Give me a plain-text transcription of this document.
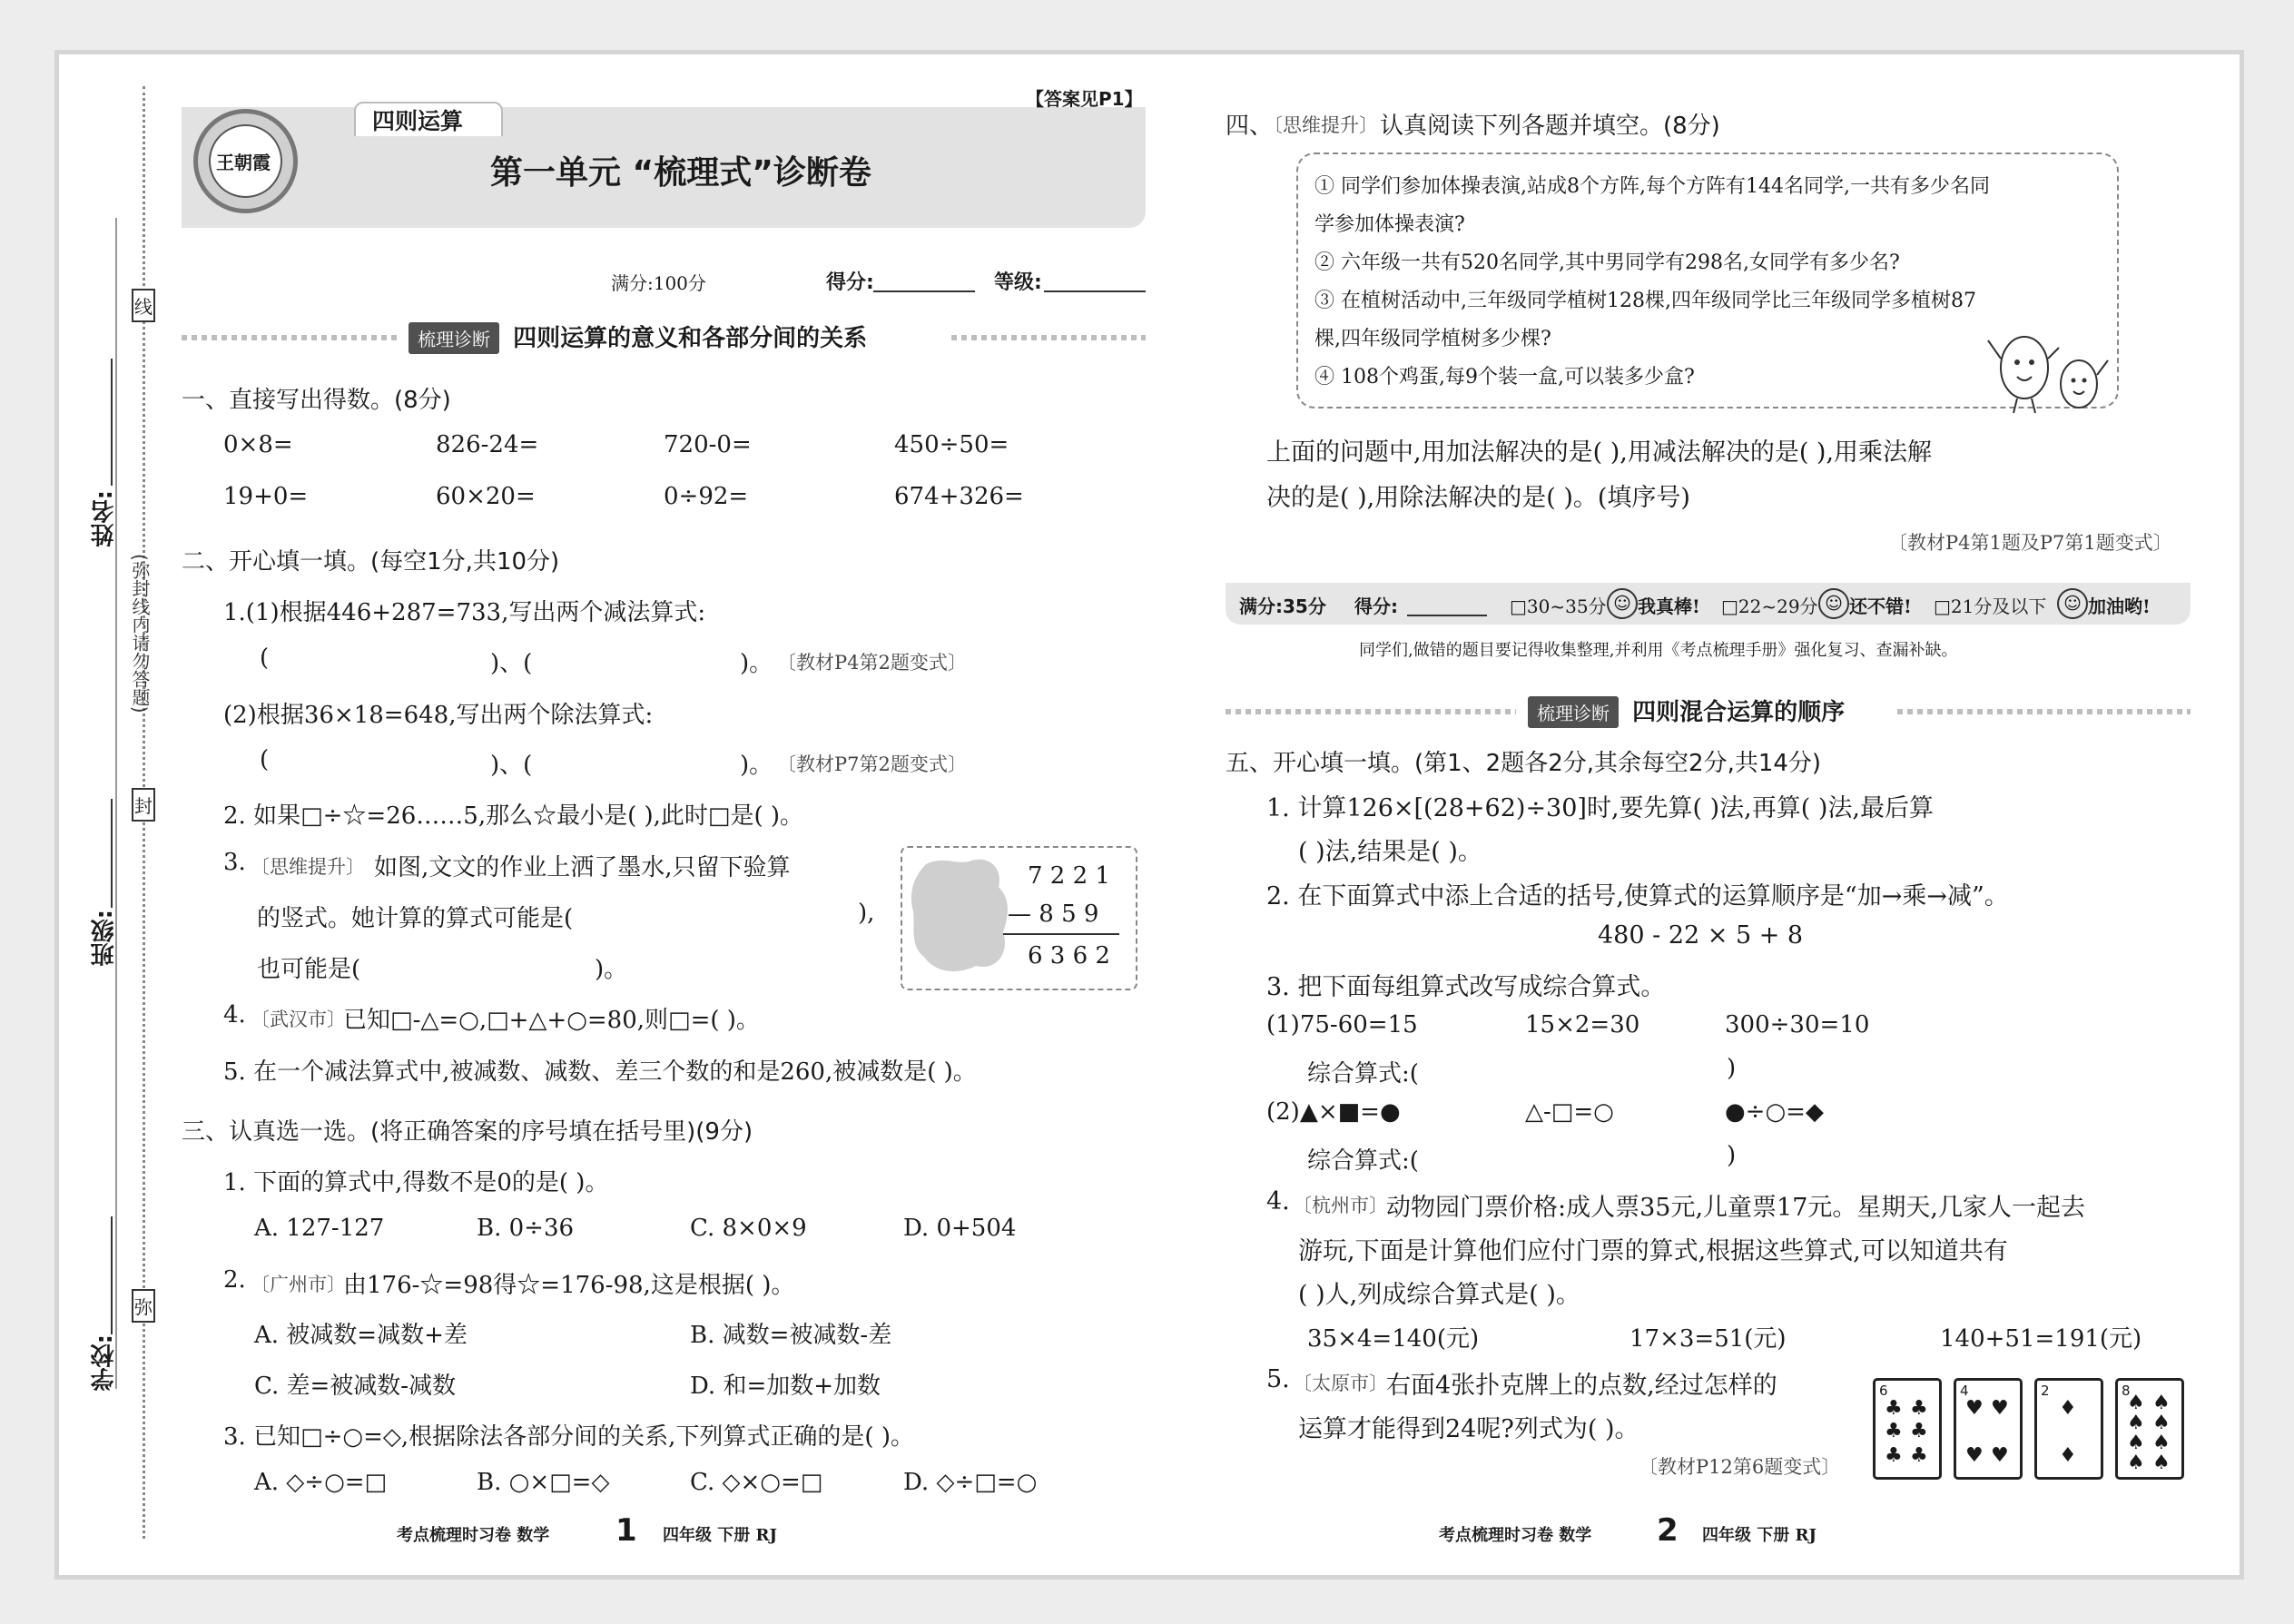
线
姓名:
(弥封线内请勿答题)
封
班级:
弥
学校:
四则运算
【答案见P1】
王朝霞	第一单元 “梳理式”诊断卷
满分:100分	得分:	等级:
梳理诊断 四则运算的意义和各部分间的关系
一、直接写出得数。(8分)
0×8=	826-24=	720-0=	450÷50=
19+0=	60×20=	0÷92=	674+326=
二、开心填一填。(每空1分,共10分)
1.(1)根据446+287=733,写出两个减法算式:
(	)、(	)。 〔教材P4第2题变式〕
(2)根据36×18=648,写出两个除法算式:
(	)、(	)。 〔教材P7第2题变式〕
2. 如果□÷☆=26……5,那么☆最小是( ),此时□是( )。
3. 〔思维提升〕 如图,文文的作业上洒了墨水,只留下验算
的竖式。她计算的算式可能是(	),
也可能是(	)。
7 2 2 1
— 8 5 9
6 3 6 2
4. 〔武汉市〕
已知□-△=○,□+△+○=80,则□=( )。
5. 在一个减法算式中,被减数、减数、差三个数的和是260,被减数是( )。
三、认真选一选。(将正确答案的序号填在括号里)(9分)
1. 下面的算式中,得数不是0的是( )。
A. 127-127	B. 0÷36	C. 8×0×9	D. 0+504
2. 〔广州市〕
由176-☆=98得☆=176-98,这是根据( )。
A. 被减数=减数+差	B. 减数=被减数-差
C. 差=被减数-减数	D. 和=加数+加数
3. 已知□÷○=◇,根据除法各部分间的关系,下列算式正确的是( )。
A. ◇÷○=□	B. ○×□=◇	C. ◇×○=□	D. ◇÷□=○
考点梳理时习卷 数学 1 四年级 下册 RJ
四、
〔思维提升〕 认真阅读下列各题并填空。(8分)
① 同学们参加体操表演,站成8个方阵,每个方阵有144名同学,一共有多少名同
学参加体操表演?
② 六年级一共有520名同学,其中男同学有298名,女同学有多少名?
③ 在植树活动中,三年级同学植树128棵,四年级同学比三年级同学多植树87
棵,四年级同学植树多少棵?
④ 108个鸡蛋,每9个装一盒,可以装多少盒?
上面的问题中,用加法解决的是( ),用减法解决的是( ),用乘法解
决的是( ),用除法解决的是( )。(填序号)
〔教材P4第1题及P7第1题变式〕
满分:35分 得分:	□30~35分 ☺ 我真棒! □22~29分 ☺ 还不错! □21分及以下 ☺ 加油哟!
同学们,做错的题目要记得收集整理,并利用《考点梳理手册》强化复习、查漏补缺。
梳理诊断 四则混合运算的顺序
五、开心填一填。(第1、2题各2分,其余每空2分,共14分)
1. 计算126×[(28+62)÷30]时,要先算( )法,再算( )法,最后算
( )法,结果是( )。
2. 在下面算式中添上合适的括号,使算式的运算顺序是“加→乘→减”。
480 - 22 × 5 + 8
3. 把下面每组算式改写成综合算式。
(1)75-60=15	15×2=30	300÷30=10
综合算式:(	)
(2)▲×■=●	△-□=○	●÷○=◆
综合算式:(	)
4. 〔杭州市〕
动物园门票价格:成人票35元,儿童票17元。星期天,几家人一起去
游玩,下面是计算他们应付门票的算式,根据这些算式,可以知道共有
( )人,列成综合算式是( )。
35×4=140(元)	17×3=51(元)	140+51=191(元)
5. 〔太原市〕
右面4张扑克牌上的点数,经过怎样的
运算才能得到24呢?列式为( )。
〔教材P12第6题变式〕
6
♣ ♣
♣ ♣
♣ ♣
4
♥ ♥
♥ ♥
2
♦
♦
8
♠ ♠
♠ ♠
♠ ♠
♠ ♠
考点梳理时习卷 数学 2 四年级 下册 RJ
